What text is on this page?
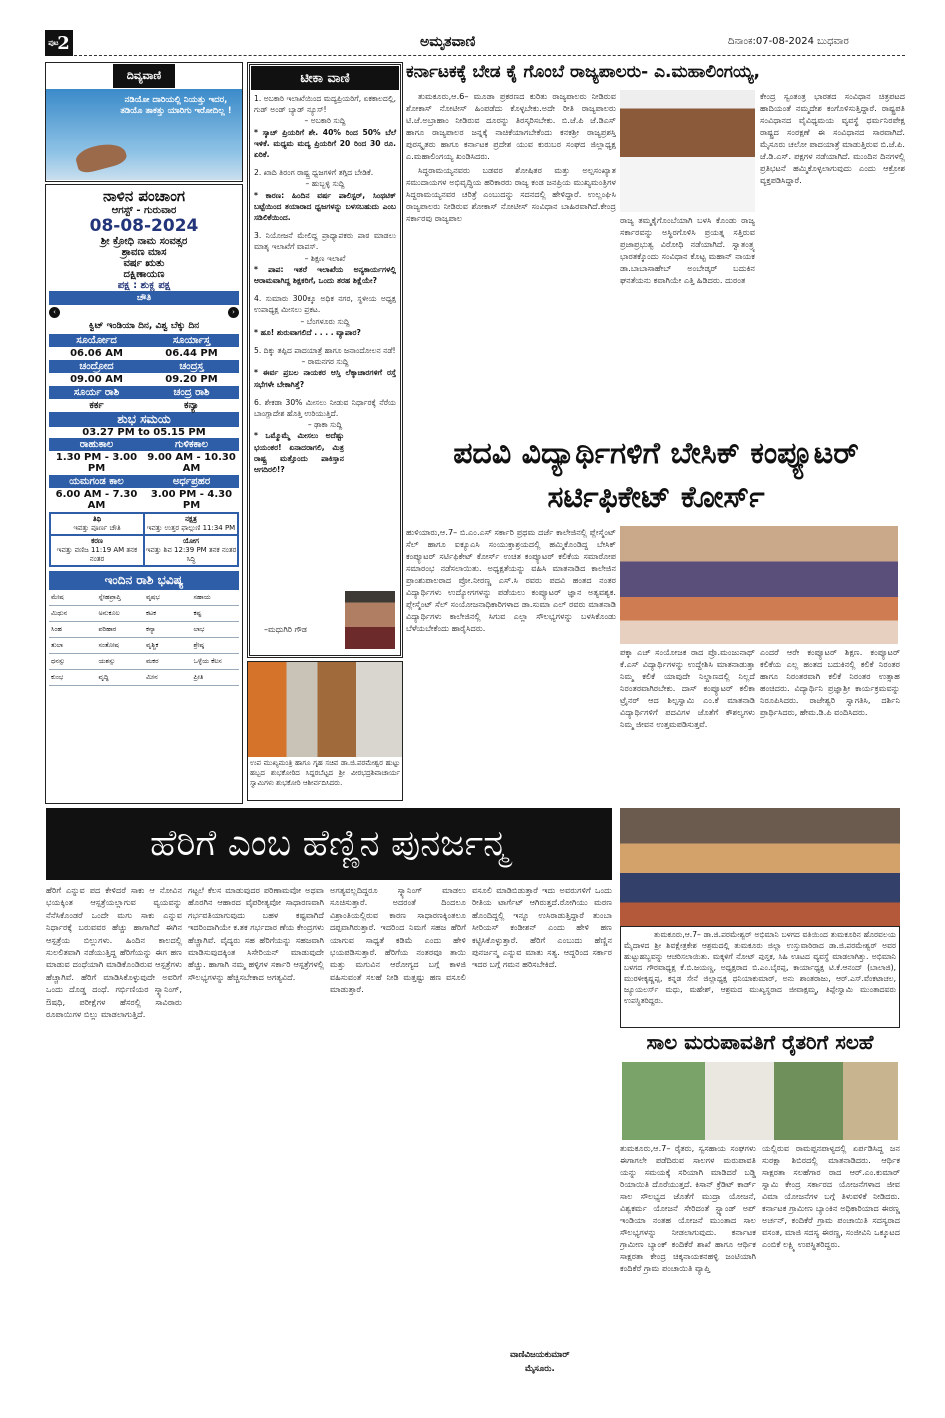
ಪುಟ
2	ಅಮೃತವಾಣಿ	ದಿನಾಂಕ:07-08-2024 ಬುಧವಾರ
ದಿವ್ಯವಾಣಿ
ನಡಿಯೋ ದಾರಿಯಲ್ಲಿ ನಿಯತ್ತು ಇದರ, ತಡಿಯೊ ತಾಕತ್ತು ಯಾರಿಗು ಇರೋದಿಲ್ಲ !
ನಾಳಿನ ಪಂಚಾಂಗ
ಆಗಸ್ಟ್ - ಗುರುವಾರ
08-08-2024
ಶ್ರೀ ಕ್ರೋಧಿ ನಾಮ ಸಂವತ್ಸರ
ಶ್ರಾವಣ ಮಾಸ
ವರ್ಷ ಋತು
ದಕ್ಷಿಣಾಯಣ
ಪಕ್ಷ : ಶುಕ್ಲ ಪಕ್ಷ
ಚೌತಿ
‹	›
ಕ್ವಿಟ್ ಇಂಡಿಯಾ ದಿನ, ವಿಶ್ವ ಬೆಕ್ಕು ದಿನ
ಸೂರ್ಯೋದ	ಸೂರ್ಯಾಸ್ತ
06.06 AM	06.44 PM
ಚಂದ್ರೋದ	ಚಂದ್ರಸ್ತ
09.00 AM	09.20 PM
ಸೂರ್ಯ ರಾಶಿ	ಚಂದ್ರ ರಾಶಿ
ಕರ್ಕ	ಕನ್ಯಾ
ಶುಭ ಸಮಯ
03.27 PM to 05.15 PM
ರಾಹುಕಾಲ	ಗುಳಿಕಕಾಲ
1.30 PM - 3.00 PM
9.00 AM - 10.30 AM
ಯಮಗಂಡ ಕಾಲ	ಅರ್ಧಪ್ರಹರ
6.00 AM - 7.30 AM
3.00 PM - 4.30 PM
ತಿಥಿ
ಇವತ್ತು ಪೂರ್ಣ ಚೌತಿ
ನಕ್ಷತ್ರ
ಇವತ್ತು ಉತ್ತರ ಫಾಲ್ಗುಣಿ 11:34 PM
ಕರಣ
ಇವತ್ತು ವಣಿಜ 11:19 AM ತನಕ ನಂತರ
ಯೋಗ
ಇವತ್ತು ಶಿವ 12:39 PM ತನಕ ನಂತರ ಸಿದ್ಧಿ
ಇಂದಿನ ರಾಶಿ ಭವಿಷ್ಯ
ಮೇಷ	ಸ್ನೇಹಪ್ರಾಪ್ತಿ	ವೃಷಭ	ಸಹಾಯ
ಮಿಥುನ	ಅನುಕೂಲ	ಕಟಕ	ಕಷ್ಟ
ಸಿಂಹ	ಪರಿಹಾರ	ಕನ್ಯಾ	ಲಾಭ
ತುಲಾ	ಸಂತೋಷ	ವೃಶ್ಚಿಕ	ಶ್ರೇಷ್ಠ
ಧನಸ್ಸು	ಯಶಸ್ಸು	ಮಕರ	ಒಳ್ಳೆಯ ಕೆಲಸ
ಕುಂಭ	ವೃದ್ಧಿ	ಮೀನ	ಪ್ರೀತಿ
ಟೀಕಾ ವಾಣಿ
1. ಅಬಕಾರಿ ಇಲಾಖೆಯಿಂದ ಮದ್ಯಪ್ರಿಯರಿಗೆ, ಏಕಕಾಲದಲ್ಲಿ, ಗುಡ್ ಅಂಡ್ ಬ್ಯಾಡ್ ನ್ಯೂಸ್!
– ಅಬಕಾರಿ ಸುದ್ದಿ
* ಸ್ಕಾಚ್ ಪ್ರಿಯರಿಗೆ ಶೇ. 40% ರಿಂದ 50% ಬೆಲೆ ಇಳಿಕೆ. ಮಧ್ಯಮ ಮದ್ಯ ಪ್ರಿಯರಿಗೆ 20 ರಿಂದ 30 ರೂ. ಏರಿಕೆ.
2. ಖಾದಿ ತಿರಂಗ ರಾಷ್ಟ್ರ ಧ್ವಜಗಳಿಗೆ ತಗ್ಗಿದ ಬೇಡಿಕೆ.
– ಹುಬ್ಬಳ್ಳಿ ಸುದ್ದಿ
* ಕಾರಣ: ಹಿಂದಿನ ವರ್ಷ ಪಾಲಿಸ್ಟರ್, ಸಿಂಥಟಿಕ್ ಬಟ್ಟೆಯಿಂದ ತಯಾರಾದ ಧ್ವಜಗಳನ್ನು ಬಳಸಬಹುದು ಎಂಬ ಸಡಿಲಿಕೆಯಿಂದ.
3. ನಿಯೋಜನೆ ಮೇಲಿದ್ದ ಪ್ರಾಧ್ಯಾಪಕರು ಪಾಠ ಮಾಡಲು ಮಾತೃ ಇಲಾಖೆಗೆ ವಾಪಸ್.
– ಶಿಕ್ಷಣ ಇಲಾಖೆ
* ಪಾಪ: ಇತರೆ ಇಲಾಖೆಯ ಅನ್ಯಕಾರ್ಯಗಳಲ್ಲಿ ಆರಾಮವಾಗಿದ್ದ ಶಿಕ್ಷಕರಿಗೆ, ಒಂದು ತರಹ ಶಿಕ್ಷೆಯೇ?
4. ಸುಮಾರು 300ಕ್ಕೂ ಅಧಿಕ ನಗರ, ಸ್ಥಳೀಯ ಅಧ್ಯಕ್ಷ ಉಪಾಧ್ಯಕ್ಷ ಮೀಸಲು ಪ್ರಕಟ.
– ಬೆಂಗಳೂರು ಸುದ್ದಿ
* ಹೂ! ಶುರುವಾಗಲಿದೆ . . . . ವ್ಯಾಪಾರ?
5. ದಿಕ್ಕು ತಪ್ಪಿದ ಪಾದಯಾತ್ರೆ ಹಾಗೂ ಜನಾಂದೋಲನ ನಡೆ!
– ರಾಮನಗರ ಸುದ್ದಿ
* ಈರ್ವ ಪ್ರಬಲ ನಾಯಕರ ಆಸ್ತಿ ಲೆಕ್ಕಾಚಾರಗಳಿಗೆ ರಸ್ತೆ ಸಭೆಗಳೇ ಬೇಕಾಗಿತ್ತೆ?
6. ಶೇಕಡಾ 30% ಮೀಸಲು ನೀಡುವ ನಿರ್ಧಾರಕ್ಕೆ ನೆರೆಯ ಬಾಂಗ್ಲಾದೇಶ ಹೊತ್ತಿ ಉರಿಯುತ್ತಿದೆ.
– ಢಾಕಾ ಸುದ್ದಿ
* ಒಮ್ಮೊಮ್ಮೆ ಮೀಸಲು ಅದೆಷ್ಟು ಭಯಂಕರ! ಏನಾದರಾಗಲಿ, ಮಿತ್ರ ರಾಷ್ಟ್ರ ಮತ್ತೊಂದು ಪಾಕಿಸ್ತಾನ ಆಗದಿರಲಿ!?
–ಮಧುಗಿರಿ ಗೌಡ
ಉಪ ಮುಖ್ಯಮಂತ್ರಿ ಹಾಗೂ ಗೃಹ ಸಚಿವ ಡಾ.ಜಿ.ಪರಮೇಶ್ವರ ಹುಟ್ಟು ಹಬ್ಬದ ಶುಭಕೋರಿದ ಸಿದ್ದರಬೆಟ್ಟದ ಶ್ರೀ ವೀರಭದ್ರಶಿವಾಚಾರ್ಯ ಸ್ವಾಮಿಗಳು ಶುಭಕೋರಿ ಆಶೀರ್ವದಿಸಿದರು.
ಕರ್ನಾಟಕಕ್ಕೆ ಬೇಡ ಕೈ ಗೊಂಬೆ ರಾಜ್ಯಪಾಲರು- ಎ.ಮಹಾಲಿಂಗಯ್ಯ,

ತುಮಕೂರು,ಆ.6– ಮೂಡಾ ಪ್ರಕರಣದ ಕುರಿತು ರಾಜ್ಯಪಾಲರು ನೀಡಿರುವ ಶೋಕಾಸ್ ನೋಟೀಸ್ ಹಿಂಪಡೆದು ಕೊಳ್ಳಬೇಕು.ಅದೇ ರೀತಿ ರಾಜ್ಯಪಾಲರು ಟಿ.ಜೆ.ಅಬ್ರಾಹಾಂ ನೀಡಿರುವ ದೂರನ್ನು ತಿರಸ್ಕರಿಸಬೇಕು. ಬಿ.ಜೆ.ಪಿ ಜೆ.ಡಿಎಸ್ ಹಾಗೂ ರಾಜ್ಯಪಾಲರ ಜನ್ನಕ್ಕೆ ನಾಚಿಕೆಯಾಗಬೇಕೆಂದು ಕನಕಶ್ರೀ ರಾಜ್ಯಪ್ರಶಸ್ತಿ ಪುರಸ್ಕೃತರು ಹಾಗೂ ಕರ್ನಾಟಕ ಪ್ರದೇಶ ಯುವ ಕುರುಬರ ಸಂಘದ ಜಿಲ್ಲಾಧ್ಯಕ್ಷ ಎ.ಮಹಾಲಿಂಗಯ್ಯ ಖಂಡಿಸಿದರು.

ಸಿದ್ಧರಾಮಯ್ಯನವರು ಬಡವರ ಶೋಷಿತರ ಮತ್ತು ಅಲ್ಪಸಂಖ್ಯಾತ ಸಮುದಾಯಗಳ ಅಭಿವೃದ್ಧಿಯ ಹರಿಕಾರರು ರಾಜ್ಯ ಕಂಡ ಜನಪ್ರಿಯ ಮುಖ್ಯಮಂತ್ರಿಗಳ ಸಿದ್ದರಾಮಯ್ಯನವರ ಚರಿತ್ರೆ ಎಂಬುದನ್ನು ಸದನದಲ್ಲಿ ಹೇಳಿದ್ದಾರೆ. ಉಲ್ಲಂಘಿಸಿ ರಾಜ್ಯಪಾಲರು ನೀಡಿರುವ ಶೋಕಾಸ್ ನೋಟೀಸ್ ಸಂವಿಧಾನ ಬಾಹಿರವಾಗಿದೆ.ಕೇಂದ್ರ ಸರ್ಕಾರವು ರಾಜ್ಯಪಾಲ	ರಾಜ್ಯ ತಮ್ಮಕೈಗೊಂಬೆಯಾಗಿ ಬಳಸಿ ಕೊಂಡು ರಾಜ್ಯ ಸರ್ಕಾರವನ್ನು ಅಸ್ಥಿರಗೊಳಿಸಿ ಪ್ರಯತ್ನ ಸತ್ತಿರುವ ಪ್ರಜಾಪ್ರಭುತ್ವ ವಿರೋಧಿ ನಡೆಯಾಗಿದೆ. ಸ್ವಾತಂತ್ರ್ಯ ಭಾರತಕ್ಕೊಂದು ಸಂವಿಧಾನ ಕೊಟ್ಟ ಮಹಾನ್ ನಾಯಕ ಡಾ.ಬಾಬಾಸಾಹೇಬ್ ಅಂಬೇಡ್ಕರ್ ಬದುಕಿನ ಘನತೆಯನು ಕವಾಗಿಯೇ ಎತ್ತಿ ಹಿಡಿದರು. ದುರಂತ
ಕೇಂದ್ರ ಸ್ವಂತಂತ್ರ ಭಾರತದ ಸಂವಿಧಾನ ಚಿತ್ರಪಟದ ಹಾದಿಯಂತೆ ನಮ್ಮದೇಶ ಕಂಗೊಳಿಸುತ್ತಿದ್ದಾರೆ. ರಾಷ್ಟ್ರಪತಿ ಸಂವಿಧಾನದ ವೈವಿಧ್ಯಮಯ ವ್ಯವಸ್ಥೆ ಧರ್ಮನಿರಪೇಕ್ಷ ರಾಷ್ಟ್ರದ ಸಂರಕ್ಷಣೆ ಈ ಸಂವಿಧಾನದ ಸಾರವಾಗಿದೆ. ಮೈಸೂರು ಚಲೋ ಪಾದಯಾತ್ರೆ ಮಾಡುತ್ತಿರುವ ಬಿ.ಜೆ.ಪಿ. ಜೆ.ಡಿ.ಎಸ್. ಪಕ್ಷಗಳ ನಡೆಯಾಗಿದೆ. ಮುಂದಿನ ದಿನಗಳಲ್ಲಿ ಪ್ರತಿಭಟನೆ ಹಮ್ಮಿಕೊಳ್ಳಲಾಗುವುದು ಎಂದು ಆಕ್ರೋಶ ವ್ಯಕ್ತಪಡಿಸಿದ್ದಾರೆ.
ಪದವಿ ವಿದ್ಯಾರ್ಥಿಗಳಿಗೆ ಬೇಸಿಕ್ ಕಂಪ್ಯೂಟರ್
ಸರ್ಟಿಫಿಕೇಟ್ ಕೋರ್ಸ್
ಹುಳಿಯಾರು,ಆ.7– ಬಿ.ಎಂ.ಎಸ್ ಸರ್ಕಾರಿ ಪ್ರಥಮ ದರ್ಜೆ ಕಾಲೇಜಿನಲ್ಲಿ ಪ್ಲೇಸ್ಮೆಂಟ್ ಸೆಲ್ ಹಾಗೂ ಐಕ್ಯೂಎಸಿ ಸಂಯುಕ್ತಾಶ್ರಯದಲ್ಲಿ ಹಮ್ಮಿಕೊಂಡಿದ್ದ ಬೇಸಿಕ್ ಕಂಪ್ಯೂಟರ್ ಸರ್ಟಿಫಿಕೇಟ್ ಕೋರ್ಸ್ ಉಚಿತ ಕಂಪ್ಯೂಟರ್ ಕಲಿಕೆಯ ಸಮಾರೋಪ ಸಮಾರಂಭ ನಡೆಸಲಾಯಿತು. ಅಧ್ಯಕ್ಷತೆಯನ್ನು ವಹಿಸಿ ಮಾತನಾಡಿದ ಕಾಲೇಜಿನ ಪ್ರಾಂಶುಪಾಲರಾದ ಪ್ರೋ.ನೀರಣ್ಣ ಎಸ್.ಸಿ ರವರು ಪದವಿ ಹಂತದ ನಂತರ ವಿದ್ಯಾರ್ಥಿಗಳು ಉದ್ಯೋಗಗಳನ್ನು ಪಡೆಯಲು ಕಂಪ್ಯೂಟರ್ ಜ್ಞಾನ ಅತ್ಯವಶ್ಯಕ. ಪ್ಲೇಸ್ಮೆಂಟ್ ಸೆಲ್ ಸಂಯೋಜನಾಧಿಕಾರಿಗಳಾದ ಡಾ.ಸುಮಾ ಎಲ್ ರವರು ಮಾತನಾಡಿ ವಿದ್ಯಾರ್ಥಿಗಳು ಕಾಲೇಜಿನಲ್ಲಿ ಸಿಗುವ ಎಲ್ಲಾ ಸೌಲಭ್ಯಗಳನ್ನು ಬಳಸಿಕೊಂಡು ಬೆಳೆಯಬೇಕೆಂದು ಹಾರೈಸಿದರು.
ಪಕ್ಕಾ ಎಚ್ ಸಂಯೋಜಕ ರಾದ ಪ್ರೊ.ಮಂಜುನಾಥ್ ಕೆ.ಎಸ್ ವಿದ್ಯಾರ್ಥಿಗಳನ್ನು ಉದ್ದೇಶಿಸಿ ಮಾತನಾಡುತ್ತಾ ನಿಮ್ಮ ಕಲಿಕೆ ಯಾವುದೇ ನಿಲ್ದಾಣದಲ್ಲಿ ನಿಲ್ಲದೆ ನಿರಂತರವಾಗಿರಬೇಕು. ದಾಸ್ ಕಂಪ್ಯೂಟರ್ ಕಲಿಕಾ ಟ್ರೈನರ್ ಆದ ಶಿಲ್ಪಸ್ವಾಮಿ ಎಂ.ಕೆ ಮಾತನಾಡಿ ವಿದ್ಯಾರ್ಥಿಗಳಿಗೆ ಪದವಿಗಳ ಜೊತೆಗೆ ಕೌಶಲ್ಯಗಳು ನಿಮ್ಮ ಜೀವನ ಉತ್ತಮಪಡಿಸುತ್ತವೆ.
ಎಂದರೆ ಆರೇ ಕಂಪ್ಯೂಟರ್ ಶಿಕ್ಷಣ. ಕಂಪ್ಯೂಟರ್ ಕಲಿಕೆಯ ಎಲ್ಲ ಹಂತದ ಬದುಕಿನಲ್ಲಿ ಕಲಿಕೆ ನಿರಂತರ ಹಾಗೂ ನಿರಂತರವಾಗಿ ಕಲಿಕೆ ನಿರಂತರ ಉತ್ಸಾಹ ಹಂಚಿದರು. ವಿದ್ಯಾರ್ಥಿನಿ ಪ್ರಜ್ಞಾಶ್ರೀ ಕಾರ್ಯಕ್ರಮವನ್ನು ನಿರೂಪಿಸಿದರು. ರಾಜೇಶ್ವರಿ ಸ್ವಾಗತಿಸಿ, ದರ್ಶಿನಿ ಪ್ರಾರ್ಥಿಸಿದರು, ಹೇಮ.ಡಿ.ಪಿ ವಂದಿಸಿದರು.
ಹೆರಿಗೆ ಎಂಬ ಹೆಣ್ಣಿನ ಪುನರ್ಜನ್ಮ
ಹೆರಿಗೆ ಎನ್ನುವ ಪದ ಕೇಳಿದರೆ ಸಾಕು ಆ ನೋವಿನ ಭಯಕ್ಕಿಂತ ಆಸ್ಪತ್ರೆಯಲ್ಲಾಗುವ ವ್ಯಯವನ್ನು ನೆನೆಸಿಕೊಂಡರೆ ಒಂದೇ ಮಗು ಸಾಕು ಎನ್ನುವ ನಿರ್ಧಾರಕ್ಕೆ ಬರುವವರ ಹೆಚ್ಚು ಹಾಗಾಗಿದೆ ಈಗಿನ ಆಸ್ಪತ್ರೆಯ ಬಿಲ್ಲುಗಳು. ಹಿಂದಿನ ಕಾಲದಲ್ಲಿ ಸುಲಲಿತವಾಗಿ ನಡೆಯುತ್ತಿದ್ದ ಹೆರಿಗೆಯನ್ನು ಈಗ ಹಣ ಮಾಡುವ ದಂಧೆಯಾಗಿ ಮಾಡಿಕೊಂಡಿರುವ ಆಸ್ಪತ್ರೆಗಳು ಹೆಚ್ಚಾಗಿವೆ. ಹೆರಿಗೆ ಮಾಡಿಸಿಕೊಳ್ಳುವುದೇ ಅವರಿಗೆ ಒಂದು ದೊಡ್ಡ ದಂಧೆ. ಗರ್ಭಿಣಿಯರ ಸ್ಕ್ಯಾನಿಂಗ್, ಔಷಧಿ, ಪರೀಕ್ಷೆಗಳ ಹೆಸರಲ್ಲಿ ಸಾವಿರಾರು ರೂಪಾಯಿಗಳ ಬಿಲ್ಲು ಮಾಡಲಾಗುತ್ತಿದೆ.
ಗಟ್ಟಲೆ ಕೆಲಸ ಮಾಡುವುದರ ಪರಿಣಾಮವೋ ಅಥವಾ ಹೊರಗಿನ ಆಹಾರದ ವೈಪರೀತ್ಯವೋ ಸಾಧಾರಣವಾಗಿ ಗರ್ಭವತಿಯಾಗುವುದು ಬಹಳ ಕಷ್ಟವಾಗಿದೆ ಇದರಿಂದಾಗಿಯೇ ಕ.ತಕ ಗರ್ಭದಾರ ಣೆಯ ಕೇಂದ್ರಗಳು ಹೆಚ್ಚಾಗಿವೆ. ವೈದ್ಯರು ಸಹ ಹೆರಿಗೆಯನ್ನು ಸಹಜವಾಗಿ ಮಾಡಿಸುವುದಕ್ಕಿಂತ ಸಿಸೇರಿಯನ್ ಮಾಡುವುದೇ ಹೆಚ್ಚು. ಹಾಗಾಗಿ ನಮ್ಮ ಹಳ್ಳಿಗಳ ಸರ್ಕಾರಿ ಆಸ್ಪತ್ರೆಗಳಲ್ಲಿ ಸೌಲಭ್ಯಗಳನ್ನು ಹೆಚ್ಚಿಸಬೇಕಾದ ಅಗತ್ಯವಿದೆ.
ಅಗತ್ಯವಲ್ಲದಿದ್ದರೂ ಸ್ಕ್ಯಾನಿಂಗ್ ಮಾಡಲು ಸೂಚಿಸುತ್ತಾರೆ. ಅದರಂತೆ ದಿಂದಲೂ ವಿಶ್ರಾಂತಿಯಲ್ಲಿರುವ ಕಾರಣ ಸಾಧಾರಣಕ್ಕಿಂತಲೂ ದಪ್ಪವಾಗಿರುತ್ತಾರೆ. ಇದರಿಂದ ನಿಮಗೆ ಸಹಜ ಹೆರಿಗೆ ಯಾಗುವ ಸಾಧ್ಯತೆ ಕಡಿಮೆ ಎಂದು ಹೇಳಿ ಭಯಪಡಿಸುತ್ತಾರೆ. ಹೆರಿಗೆಯ ನಂತರವೂ ತಾಯಿ ಮತ್ತು ಮಗುವಿನ ಆರೋಗ್ಯದ ಬಗ್ಗೆ ಕಾಳಜಿ ವಹಿಸುವಂತೆ ಸಲಹೆ ನೀಡಿ ಮತ್ತಷ್ಟು ಹಣ ವಸೂಲಿ ಮಾಡುತ್ತಾರೆ.
ವಸೂಲಿ ಮಾಡಿಬಿಡುತ್ತಾರೆ ಇದು ಅವರುಗಳಿಗೆ ಒಂದು ರೀತಿಯ ಟಾರ್ಗೆಟ್ ಆಗಿರುತ್ತದೆ.ರೋಗಿಯು ಮರಣ ಹೊಂದಿದ್ದಲ್ಲಿ ಇನ್ನೂ ಉಸಿರಾಡುತ್ತಿದ್ದಾರೆ ತುಂಬಾ ಸೀರಿಯಸ್ ಕಂಡೀಶನ್ ಎಂದು ಹೇಳಿ ಹಣ ಕಟ್ಟಿಸಿಕೊಳ್ಳುತ್ತಾರೆ. ಹೆರಿಗೆ ಎಂಬುದು ಹೆಣ್ಣಿನ ಪುನರ್ಜನ್ಮ ಎನ್ನುವ ಮಾತು ಸತ್ಯ. ಆದ್ದರಿಂದ ಸರ್ಕಾರ ಇದರ ಬಗ್ಗೆ ಗಮನ ಹರಿಸಬೇಕಿದೆ.
ವಾಣಿವಿಜಯಕುಮಾರ್
ಮೈಸೂರು.
ತುಮಕೂರು,ಆ.7– ಡಾ.ಜಿ.ಪರಮೇಶ್ವರ್ ಅಭಿಮಾನಿ ಬಳಗದ ವತಿಯಿಂದ ತುಮಕೂರಿನ ಹೊರವಲಯ ಮೈದಾಳದ ಶ್ರೀ ಶಿವಕ್ಷೇತ್ರಕೇಶ ಆಶ್ರಮದಲ್ಲಿ ತುಮಕೂರು ಜಿಲ್ಲಾ ಉಸ್ತುವಾರಿರಾದ ಡಾ.ಜಿ.ಪರಮೇಶ್ವರ್ ಅವರ ಹುಟ್ಟುಹಬ್ಬವನ್ನು ಆಚರಿಸಲಾಯಿತು. ಮಕ್ಕಳಿಗೆ ನೋಟ್ ಪುಸ್ತಕ, ಸಿಹಿ ಊಟದ ವ್ಯವಸ್ಥೆ ಮಾಡಲಾಗಿತ್ತು. ಅಭಿಮಾನಿ ಬಳಗದ ಗೌರವಾಧ್ಯಕ್ಷ ಕೆ.ಬಿ.ಜಯಣ್ಣ, ಅಧ್ಯಕ್ಷರಾದ ಬಿ.ಎಂ.ಬೈರಪ್ಪ, ಕಾರ್ಯಾಧ್ಯಕ್ಷ ಟಿ.ಕೆ.ಆನಂದ್ (ಬಾಲಾಜಿ), ಮುರಳೀಕೃಷ್ಣಪ್ಪ, ಕನ್ನಡ ಸೇನೆ ಜಿಲ್ಲಾಧ್ಯಕ್ಷ ಧನಿಯಾಕುಮಾರ್, ಅನು ಶಾಂತರಾಜು, ಆರ್.ಎಸ್.ವೆಂಕಟಾಚಲ, ಜ್ಯೂಯಲರ್ಸ್ ಮಧು, ಮಹೇಶ್, ಆಶ್ರಮದ ಮುಖ್ಯಸ್ಥರಾದ ಜೀವಾಕ್ಷಮ್ಮ, ತಿಪ್ಪೇಸ್ವಾಮಿ ಮುಂತಾದವರು ಉಪಸ್ಥಿತರಿದ್ದರು.
ಸಾಲ ಮರುಪಾವತಿಗೆ ರೈತರಿಗೆ ಸಲಹೆ
ತುಮಕೂರು,ಆ.7– ರೈತರು, ಸ್ವಸಹಾಯ ಸಂಘಗಳು ಈಗಾಗಲೇ ಪಡೆದಿರುವ ಸಾಲಗಳ ಮರುಪಾವತಿ ಯನ್ನು ಸಮಯಕ್ಕೆ ಸರಿಯಾಗಿ ಮಾಡಿದರೆ ಬಡ್ಡಿ ರಿಯಾಯಿತಿ ದೊರೆಯುತ್ತದೆ. ಕಿಸಾನ್ ಕ್ರೆಡಿಟ್ ಕಾರ್ಡ್ ಸಾಲ ಸೌಲಭ್ಯದ ಜೊತೆಗೆ ಮುದ್ರಾ ಯೋಜನೆ, ವಿಶ್ವಕರ್ಮ ಯೋಜನೆ ಸೇರಿದಂತೆ ಸ್ಟ್ಯಾಂಡ್ ಅಪ್ ಇಂಡಿಯಾ ನಂತಹ ಯೋಜನೆ ಮುಂತಾದ ಸಾಲ ಸೌಲಭ್ಯಗಳನ್ನು ನೀಡಲಾಗುವುದು. ಕರ್ನಾಟಕ ಗ್ರಾಮೀಣ ಬ್ಯಾಂಕ್ ಕಂದಿಕೆರೆ ಶಾಖೆ ಹಾಗೂ ಆರ್ಥಿಕ ಸಾಕ್ಷರತಾ ಕೇಂದ್ರ ಚಿಕ್ಕನಾಯಕನಹಳ್ಳಿ ಜಂಟಿಯಾಗಿ ಕಂದಿಕೆರೆ ಗ್ರಾಮ ಪಂಚಾಯಿತಿ ವ್ಯಾಪ್ತಿ
ಯಲ್ಲಿರುವ ರಾಮಪ್ಪನಪಾಳ್ಯದಲ್ಲಿ ಏರ್ಪಡಿಸಿದ್ದ ಜನ ಸುರಕ್ಷಾ ಶಿಬಿರದಲ್ಲಿ ಮಾತನಾಡಿದರು. ಆರ್ಥಿಕ ಸಾಕ್ಷರತಾ ಸಲಹೆಗಾರ ರಾದ ಆರ್.ಎಂ.ಕುಮಾರ್ ಸ್ವಾಮಿ ಕೇಂದ್ರ ಸರ್ಕಾರದ ಯೋಜನೆಗಳಾದ ಜೀವ ವಿಮಾ ಯೋಜನೆಗಳ ಬಗ್ಗೆ ತಿಳುವಳಿಕೆ ನೀಡಿದರು. ಕರ್ನಾಟಕ ಗ್ರಾಮೀಣ ಬ್ಯಾಂಕಿನ ಅಧಿಕಾರಿಯಾದ ಈರಣ್ಣ ಅರ್ಚನ್, ಕಂದಿಕೆರೆ ಗ್ರಾಮ ಪಂಚಾಯಿತಿ ಸದಸ್ಯರಾದ ವಸಂತ, ಮಾಜಿ ಸದಸ್ಯ ಈರಣ್ಣ, ಸಂಜೀವಿನಿ ಒಕ್ಕೂಟದ ಎಂಬಿಕೆ ಲಕ್ಷ್ಮಿ ಉಪಸ್ಥಿತರಿದ್ದರು.
